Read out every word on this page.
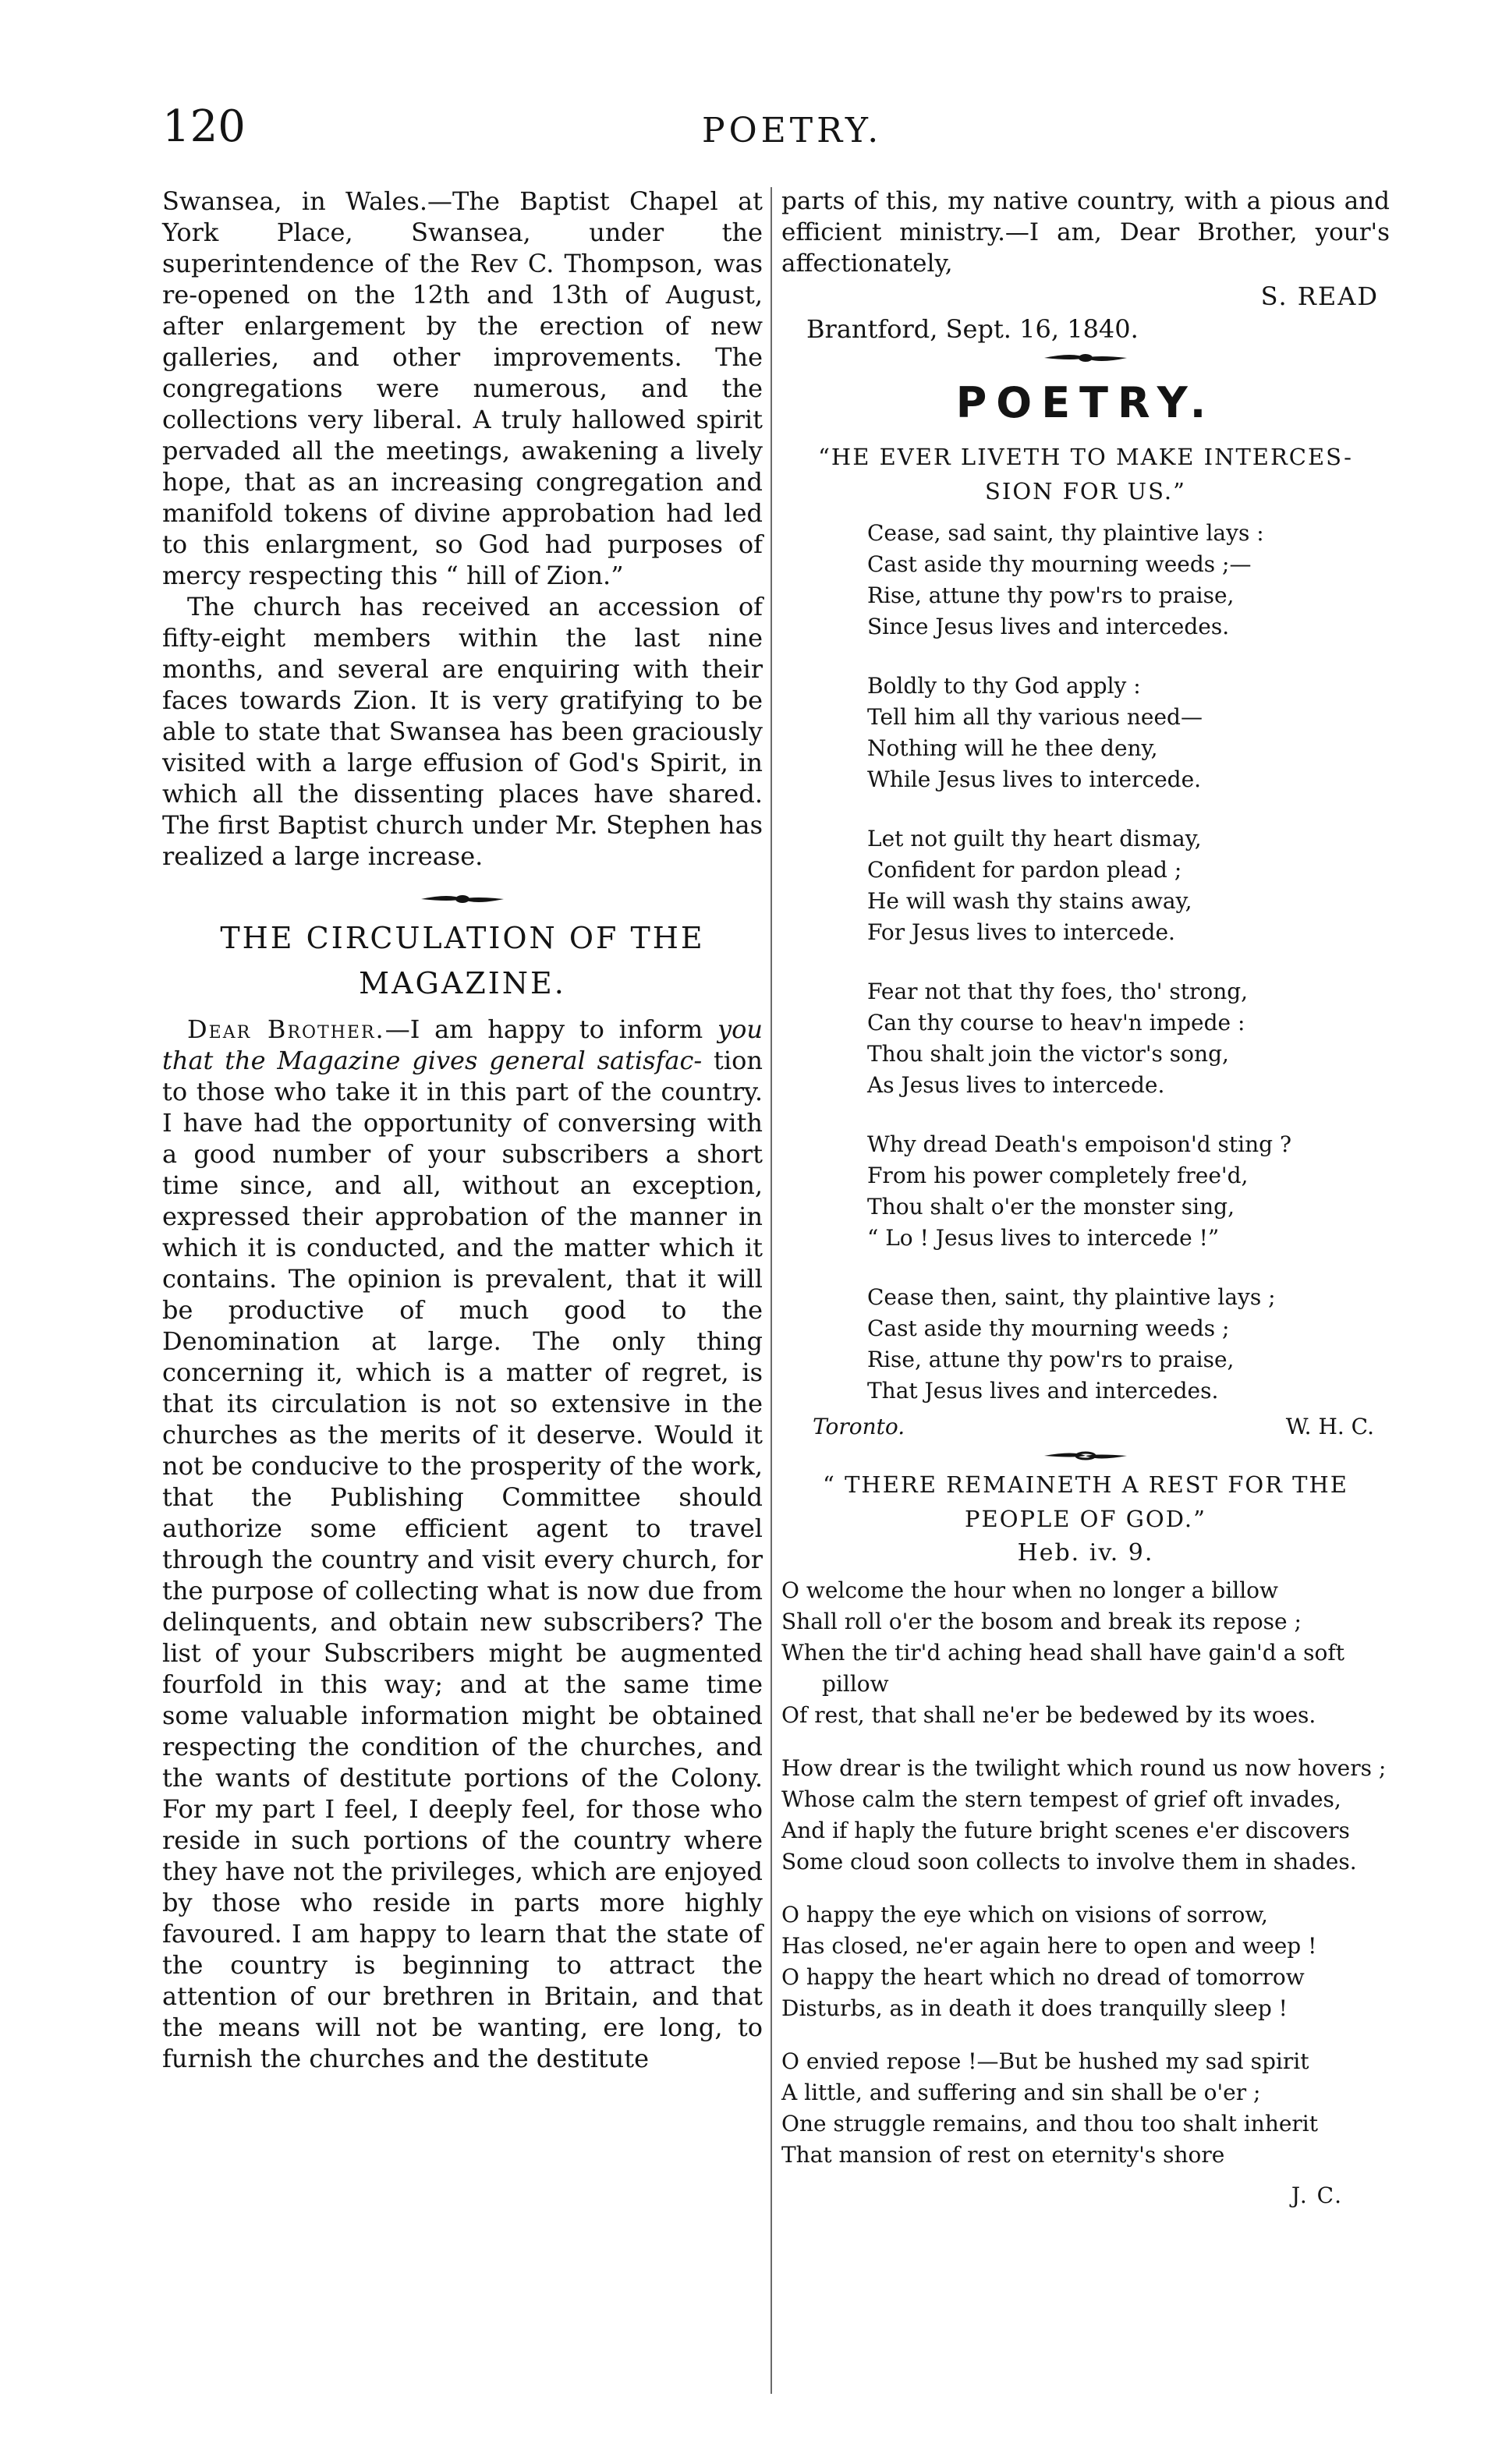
120	POETRY.

Swansea, in Wales.—The Baptist Chapel at York Place, Swansea, under the superintendence of the Rev C. Thompson, was re-opened on the 12th and 13th of August, after enlargement by the erection of new galleries, and other improvements. The congregations were numerous, and the collections very liberal. A truly hallowed spirit pervaded all the meetings, awakening a lively hope, that as an increasing congregation and manifold tokens of divine approbation had led to this enlargment, so God had purposes of mercy respecting this “ hill of Zion.”

The church has received an accession of fifty-eight members within the last nine months, and several are enquiring with their faces towards Zion. It is very gratifying to be able to state that Swansea has been graciously visited with a large effusion of God's Spirit, in which all the dissenting places have shared. The first Baptist church under Mr. Stephen has realized a large increase.

THE CIRCULATION OF THE
MAGAZINE.

Dear Brother.—I am happy to inform you that the Magazine gives general satisfac- tion to those who take it in this part of the country. I have had the opportunity of conversing with a good number of your subscribers a short time since, and all, without an exception, expressed their approbation of the manner in which it is conducted, and the matter which it contains. The opinion is prevalent, that it will be productive of much good to the Denomination at large. The only thing concerning it, which is a matter of regret, is that its circulation is not so extensive in the churches as the merits of it deserve. Would it not be conducive to the prosperity of the work, that the Publishing Committee should authorize some efficient agent to travel through the country and visit every church, for the purpose of collecting what is now due from delinquents, and obtain new subscribers? The list of your Subscribers might be augmented fourfold in this way; and at the same time some valuable information might be obtained respecting the condition of the churches, and the wants of destitute portions of the Colony. For my part I feel, I deeply feel, for those who reside in such portions of the country where they have not the privileges, which are enjoyed by those who reside in parts more highly favoured. I am happy to learn that the state of the country is beginning to attract the attention of our brethren in Britain, and that the means will not be wanting, ere long, to furnish the churches and the destitute

parts of this, my native country, with a pious and efficient ministry.—I am, Dear Brother, your's affectionately,

S. READ

Brantford, Sept. 16, 1840.

POETRY.
“HE EVER LIVETH TO MAKE INTERCES-
SION FOR US.”
Cease, sad saint, thy plaintive lays :
Cast aside thy mourning weeds ;—
Rise, attune thy pow'rs to praise,
Since Jesus lives and intercedes.
Boldly to thy God apply :
Tell him all thy various need—
Nothing will he thee deny,
While Jesus lives to intercede.
Let not guilt thy heart dismay,
Confident for pardon plead ;
He will wash thy stains away,
For Jesus lives to intercede.
Fear not that thy foes, tho' strong,
Can thy course to heav'n impede :
Thou shalt join the victor's song,
As Jesus lives to intercede.
Why dread Death's empoison'd sting ?
From his power completely free'd,
Thou shalt o'er the monster sing,
“ Lo ! Jesus lives to intercede !”
Cease then, saint, thy plaintive lays ;
Cast aside thy mourning weeds ;
Rise, attune thy pow'rs to praise,
That Jesus lives and intercedes.
Toronto.	W. H. C.
“ THERE REMAINETH A REST FOR THE
PEOPLE OF GOD.”
Heb. iv. 9.
O welcome the hour when no longer a billow
Shall roll o'er the bosom and break its repose ;
When the tir'd aching head shall have gain'd a soft pillow
Of rest, that shall ne'er be bedewed by its woes.
How drear is the twilight which round us now hovers ;
Whose calm the stern tempest of grief oft invades,
And if haply the future bright scenes e'er discovers
Some cloud soon collects to involve them in shades.
O happy the eye which on visions of sorrow,
Has closed, ne'er again here to open and weep !
O happy the heart which no dread of tomorrow
Disturbs, as in death it does tranquilly sleep !
O envied repose !—But be hushed my sad spirit
A little, and suffering and sin shall be o'er ;
One struggle remains, and thou too shalt inherit
That mansion of rest on eternity's shore
J. C.
